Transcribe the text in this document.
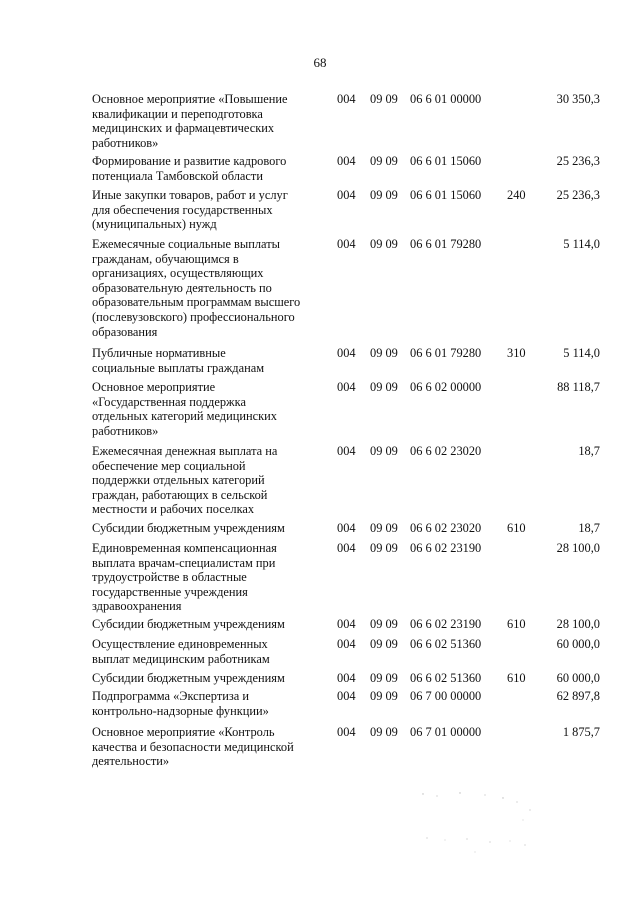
68
Основное мероприятие «Повышение
квалификации и переподготовка
медицинских и фармацевтических
работников»
004 09 09 06 6 01 00000	30 350,3
Формирование и развитие кадрового
потенциала Тамбовской области
004 09 09 06 6 01 15060	25 236,3
Иные закупки товаров, работ и услуг
для обеспечения государственных
(муниципальных) нужд
004 09 09 06 6 01 15060 240	25 236,3
Ежемесячные социальные выплаты
гражданам, обучающимся в
организациях, осуществляющих
образовательную деятельность по
образовательным программам высшего
(послевузовского) профессионального
образования
004 09 09 06 6 01 79280	5 114,0
Публичные нормативные
социальные выплаты гражданам
004 09 09 06 6 01 79280 310	5 114,0
Основное мероприятие
«Государственная поддержка
отдельных категорий медицинских
работников»
004 09 09 06 6 02 00000	88 118,7
Ежемесячная денежная выплата на
обеспечение мер социальной
поддержки отдельных категорий
граждан, работающих в сельской
местности и рабочих поселках
004 09 09 06 6 02 23020	18,7
Субсидии бюджетным учреждениям	004 09 09 06 6 02 23020 610	18,7
Единовременная компенсационная
выплата врачам-специалистам при
трудоустройстве в областные
государственные учреждения
здравоохранения
004 09 09 06 6 02 23190	28 100,0
Субсидии бюджетным учреждениям	004 09 09 06 6 02 23190 610	28 100,0
Осуществление единовременных
выплат медицинским работникам
004 09 09 06 6 02 51360	60 000,0
Субсидии бюджетным учреждениям	004 09 09 06 6 02 51360 610	60 000,0
Подпрограмма «Экспертиза и
контрольно-надзорные функции»
004 09 09 06 7 00 00000	62 897,8
Основное мероприятие «Контроль
качества и безопасности медицинской
деятельности»
004 09 09 06 7 01 00000	1 875,7
